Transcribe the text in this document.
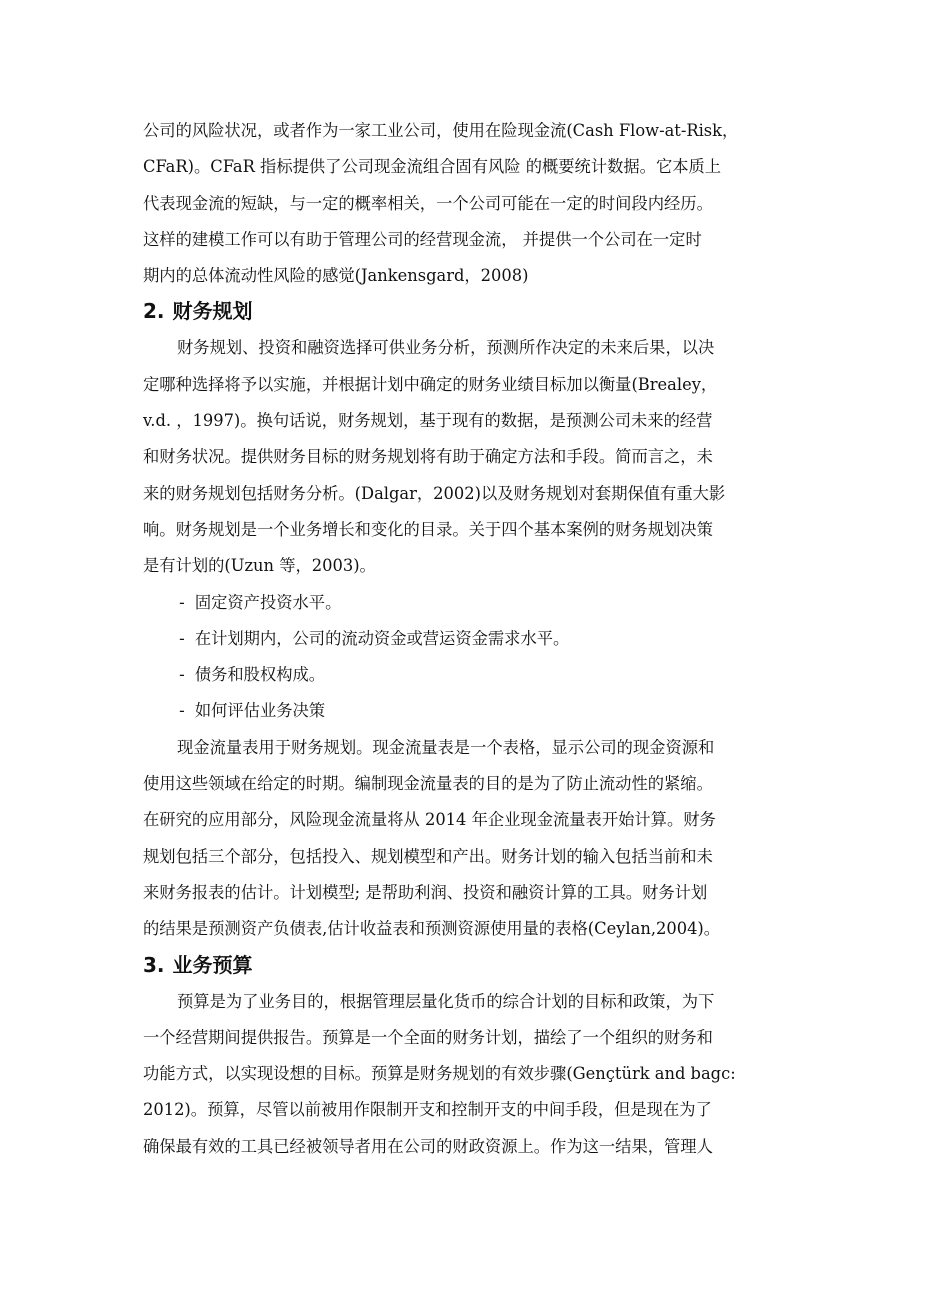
公司的风险状况，或者作为一家工业公司，使用在险现金流(Cash Flow-at-Risk，
CFaR)。CFaR 指标提供了公司现金流组合固有风险 的概要统计数据。它本质上
代表现金流的短缺，与一定的概率相关，一个公司可能在一定的时间段内经历。
这样的建模工作可以有助于管理公司的经营现金流， 并提供一个公司在一定时
期内的总体流动性风险的感觉(Jankensgard，2008)

2. 财务规划

财务规划、投资和融资选择可供业务分析，预测所作决定的未来后果，以决
定哪种选择将予以实施，并根据计划中确定的财务业绩目标加以衡量(Brealey，
v.d. ，1997)。换句话说，财务规划，基于现有的数据，是预测公司未来的经营
和财务状况。提供财务目标的财务规划将有助于确定方法和手段。简而言之，未
来的财务规划包括财务分析。(Dalgar，2002)以及财务规划对套期保值有重大影
响。财务规划是一个业务增长和变化的目录。关于四个基本案例的财务规划决策
是有计划的(Uzun 等，2003)。

- 固定资产投资水平。
- 在计划期内，公司的流动资金或营运资金需求水平。
- 债务和股权构成。
- 如何评估业务决策

现金流量表用于财务规划。现金流量表是一个表格，显示公司的现金资源和
使用这些领域在给定的时期。编制现金流量表的目的是为了防止流动性的紧缩。
在研究的应用部分，风险现金流量将从 2014 年企业现金流量表开始计算。财务
规划包括三个部分，包括投入、规划模型和产出。财务计划的输入包括当前和未
来财务报表的估计。计划模型; 是帮助利润、投资和融资计算的工具。财务计划
的结果是预测资产负债表,估计收益表和预测资源使用量的表格(Ceylan,2004)。

3. 业务预算

预算是为了业务目的，根据管理层量化货币的综合计划的目标和政策，为下
一个经营期间提供报告。预算是一个全面的财务计划，描绘了一个组织的财务和
功能方式，以实现设想的目标。预算是财务规划的有效步骤(Gençtürk and bagc:
2012)。预算，尽管以前被用作限制开支和控制开支的中间手段，但是现在为了
确保最有效的工具已经被领导者用在公司的财政资源上。作为这一结果，管理人
